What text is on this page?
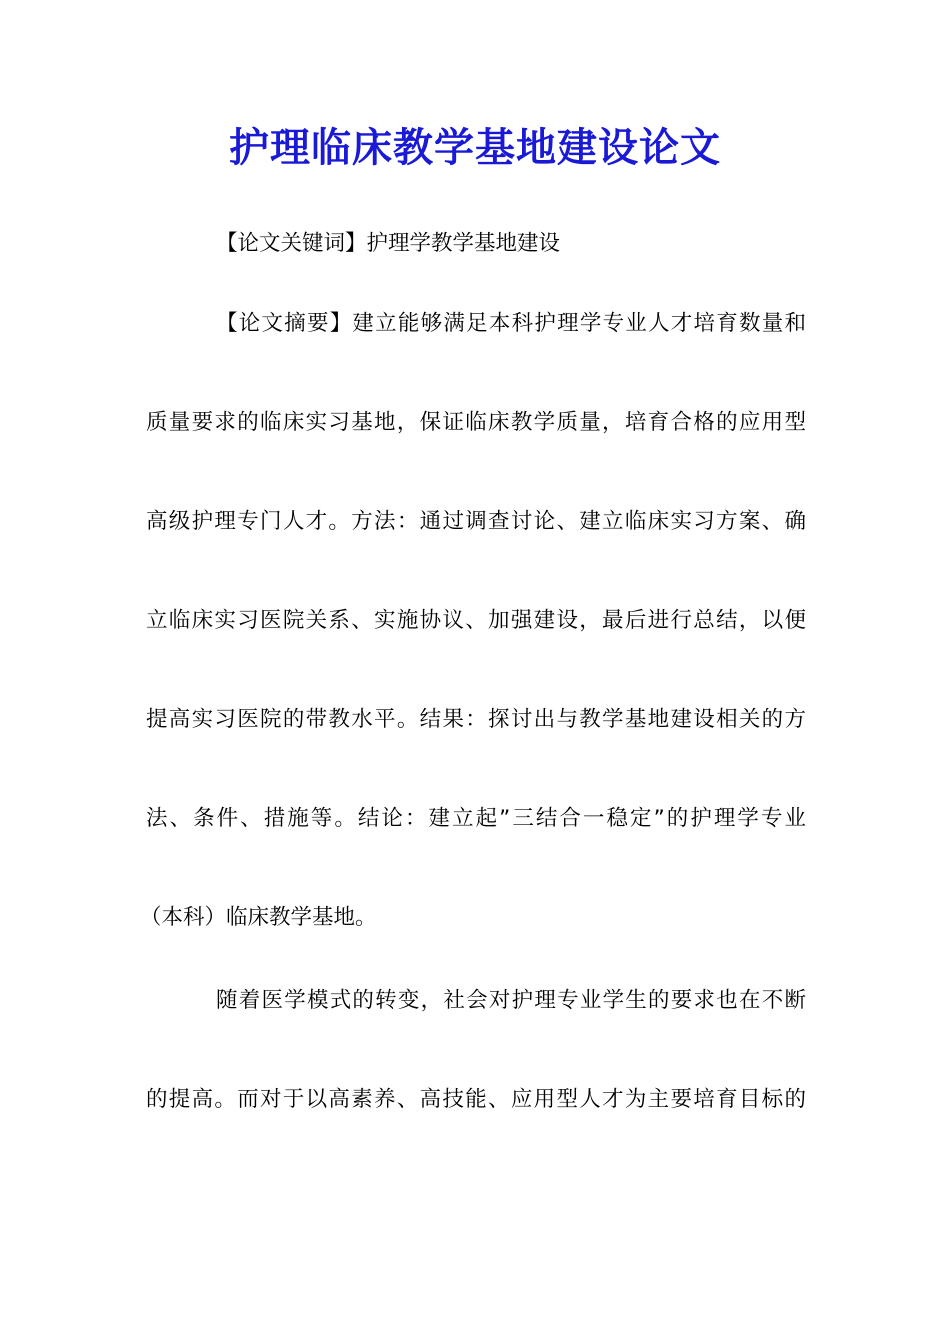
护理临床教学基地建设论文
【论文关键词】护理学教学基地建设
【论文摘要】建立能够满足本科护理学专业人才培育数量和
质量要求的临床实习基地，保证临床教学质量，培育合格的应用型
高级护理专门人才。方法：通过调查讨论、建立临床实习方案、确
立临床实习医院关系、实施协议、加强建设，最后进行总结，以便
提高实习医院的带教水平。结果：探讨出与教学基地建设相关的方
法、条件、措施等。结论：建立起”三结合一稳定”的护理学专业
（本科）临床教学基地。
随着医学模式的转变，社会对护理专业学生的要求也在不断
的提高。而对于以高素养、高技能、应用型人才为主要培育目标的
